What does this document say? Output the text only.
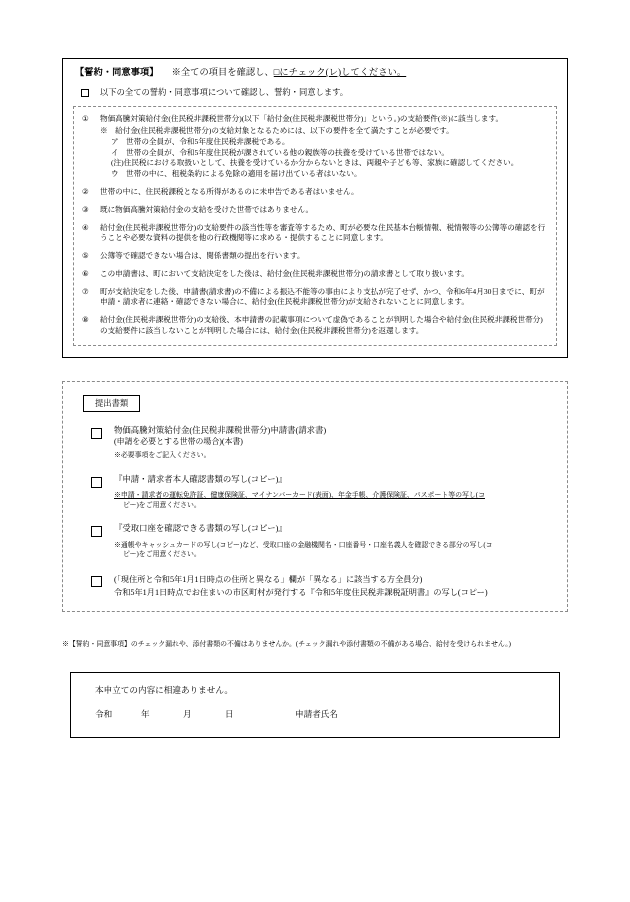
【誓約・同意事項】 ※全ての項目を確認し、□にチェック(レ)してください。
以下の全ての誓約・同意事項について確認し、誓約・同意します。
①	物価高騰対策給付金(住民税非課税世帯分)(以下「給付金(住民税非課税世帯分)」という。)の支給要件(※)に該当します。

※　給付金(住民税非課税世帯分)の支給対象となるためには、以下の要件を全て満たすことが必要です。
ア　世帯の全員が、令和5年度住民税非課税である。
イ　世帯の全員が、令和5年度住民税が課されている他の親族等の扶養を受けている世帯ではない。
(注)住民税における取扱いとして、扶養を受けているか分からないときは、両親や子ども等、家族に確認してください。
ウ　世帯の中に、租税条約による免除の適用を届け出ている者はいない。
②	世帯の中に、住民税課税となる所得があるのに未申告である者はいません。

③	既に物価高騰対策給付金の支給を受けた世帯ではありません。

④	給付金(住民税非課税世帯分)の支給要件の該当性等を審査等するため、町が必要な住民基本台帳情報、税情報等の公簿等の確認を行うことや必要な資料の提供を他の行政機関等に求める・提供することに同意します。

⑤	公簿等で確認できない場合は、関係書類の提出を行います。

⑥	この申請書は、町において支給決定をした後は、給付金(住民税非課税世帯分)の請求書として取り扱います。

⑦	町が支給決定をした後、申請書(請求書)の不備による振込不能等の事由により支払が完了せず、かつ、令和6年4月30日までに、町が申請・請求者に連絡・確認できない場合に、給付金(住民税非課税世帯分)が支給されないことに同意します。

⑧	給付金(住民税非課税世帯分)の支給後、本申請書の記載事項について虚偽であることが判明した場合や給付金(住民税非課税世帯分)の支給要件に該当しないことが判明した場合には、給付金(住民税非課税世帯分)を返還します。

提出書類

物価高騰対策給付金(住民税非課税世帯分)申請書(請求書)

(申請を必要とする世帯の場合)(本書)

※必要事項をご記入ください。

『申請・請求者本人確認書類の写し(コピー)』

※申請・請求者の運転免許証、健康保険証、マイナンバーカード(表面)、年金手帳、介護保険証、パスポート等の写し(コ
ピー)をご用意ください。

『受取口座を確認できる書類の写し(コピー)』

※通帳やキャッシュカードの写し(コピー)など、受取口座の金融機関名・口座番号・口座名義人を確認できる部分の写し(コ
ピー)をご用意ください。

(「現住所と令和5年1月1日時点の住所と異なる」欄が「異なる」に該当する方全員分)

令和5年1月1日時点でお住まいの市区町村が発行する『令和5年度住民税非課税証明書』の写し(コピー)

※【誓約・同意事項】のチェック漏れや、添付書類の不備はありませんか。(チェック漏れや添付書類の不備がある場合、給付を受けられません。)

本申立ての内容に相違ありません。

令和	年	月	日	申請者氏名
